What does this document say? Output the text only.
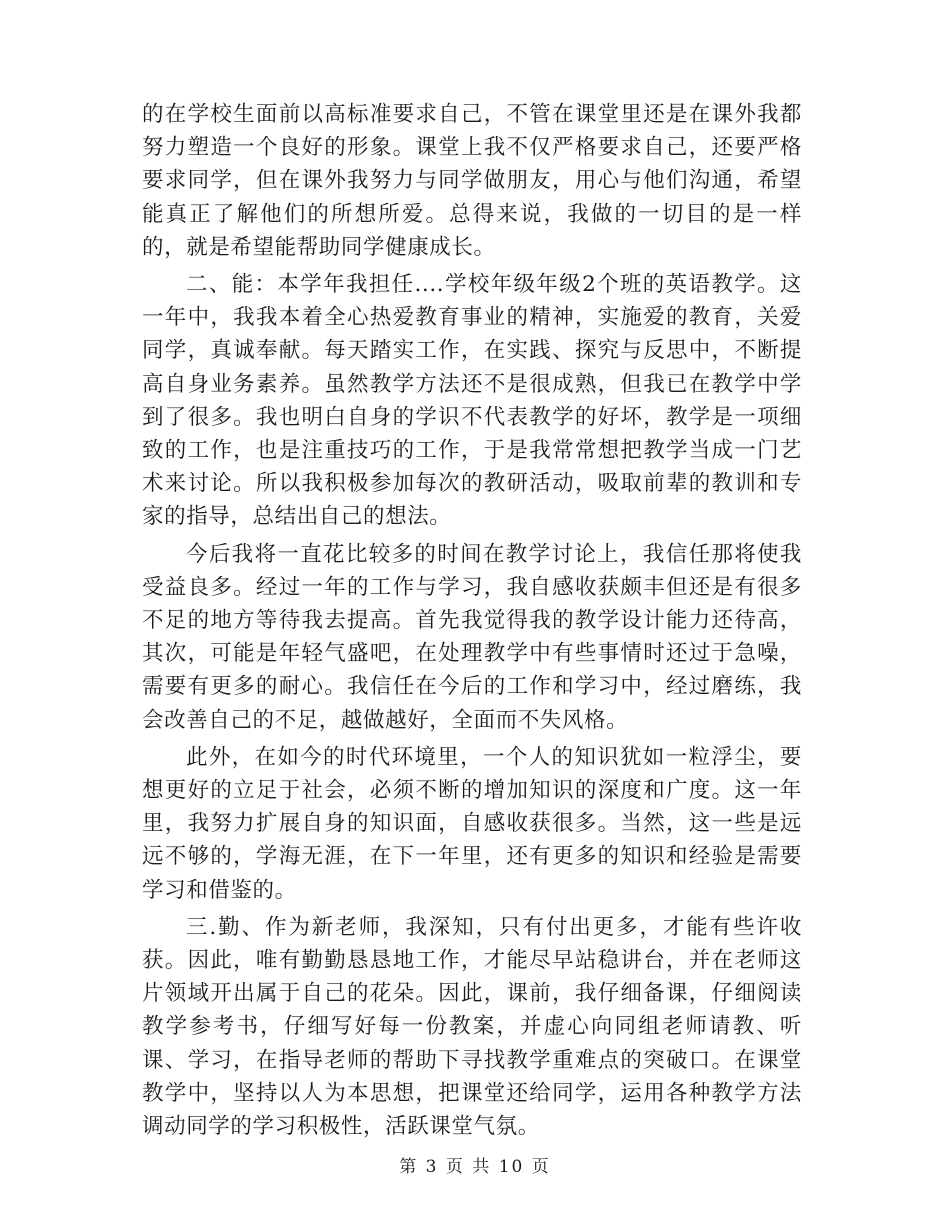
的在学校生面前以高标准要求自己，不管在课堂里还是在课外我都努力塑造一个良好的形象。课堂上我不仅严格要求自己，还要严格要求同学，但在课外我努力与同学做朋友，用心与他们沟通，希望能真正了解他们的所想所爱。总得来说，我做的一切目的是一样的，就是希望能帮助同学健康成长。

二、能：本学年我担任....学校年级年级2个班的英语教学。这一年中，我我本着全心热爱教育事业的精神，实施爱的教育，关爱同学，真诚奉献。每天踏实工作，在实践、探究与反思中，不断提高自身业务素养。虽然教学方法还不是很成熟，但我已在教学中学到了很多。我也明白自身的学识不代表教学的好坏，教学是一项细致的工作，也是注重技巧的工作，于是我常常想把教学当成一门艺术来讨论。所以我积极参加每次的教研活动，吸取前辈的教训和专家的指导，总结出自己的想法。

今后我将一直花比较多的时间在教学讨论上，我信任那将使我受益良多。经过一年的工作与学习，我自感收获颇丰但还是有很多不足的地方等待我去提高。首先我觉得我的教学设计能力还待高，其次，可能是年轻气盛吧，在处理教学中有些事情时还过于急噪，需要有更多的耐心。我信任在今后的工作和学习中，经过磨练，我会改善自己的不足，越做越好，全面而不失风格。

此外，在如今的时代环境里，一个人的知识犹如一粒浮尘，要想更好的立足于社会，必须不断的增加知识的深度和广度。这一年里，我努力扩展自身的知识面，自感收获很多。当然，这一些是远远不够的，学海无涯，在下一年里，还有更多的知识和经验是需要学习和借鉴的。

三.勤、作为新老师，我深知，只有付出更多，才能有些许收获。因此，唯有勤勤恳恳地工作，才能尽早站稳讲台，并在老师这片领域开出属于自己的花朵。因此，课前，我仔细备课，仔细阅读教学参考书，仔细写好每一份教案，并虚心向同组老师请教、听课、学习，在指导老师的帮助下寻找教学重难点的突破口。在课堂教学中，坚持以人为本思想，把课堂还给同学，运用各种教学方法调动同学的学习积极性，活跃课堂气氛。

第 3 页 共 10 页
